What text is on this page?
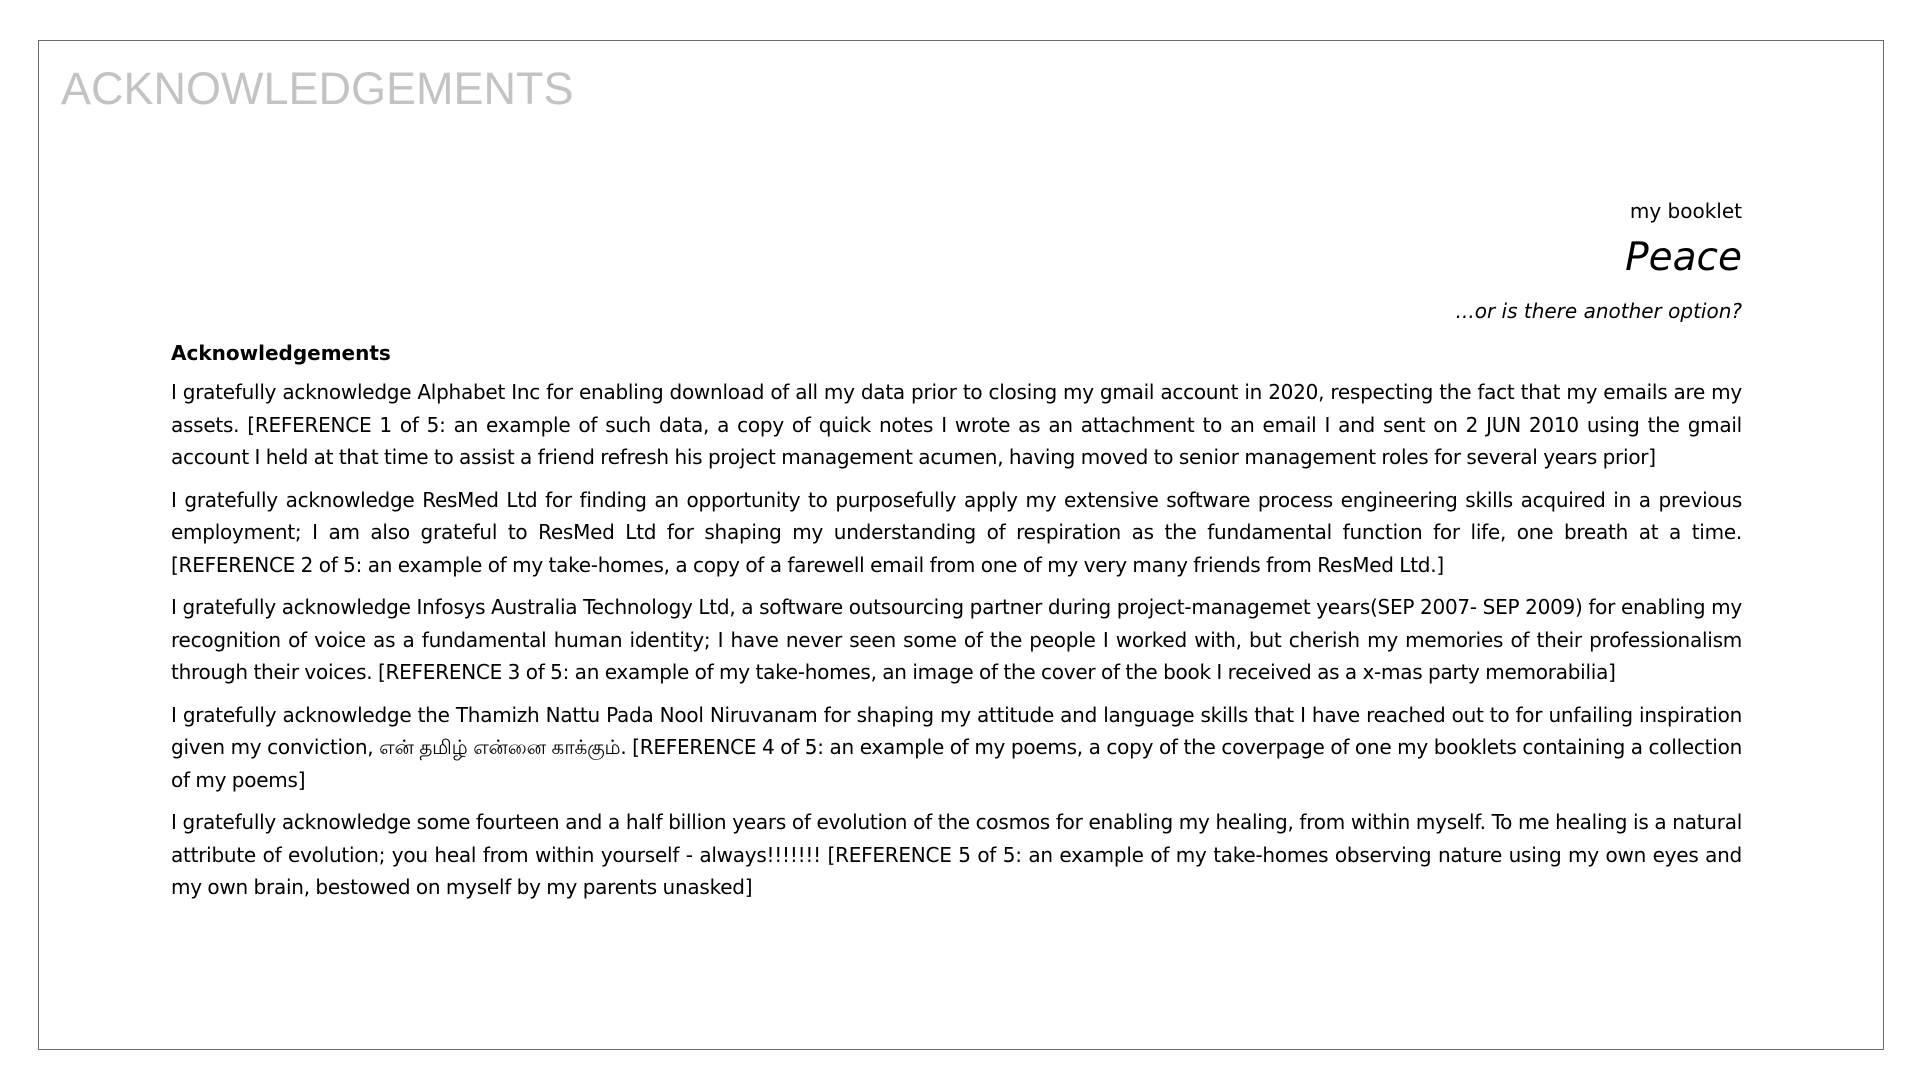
ACKNOWLEDGEMENTS

my booklet

Peace

...or is there another option?

Acknowledgements

I gratefully acknowledge Alphabet Inc for enabling download of all my data prior to closing my gmail account in 2020, respecting the fact that my emails are my assets. [REFERENCE 1 of 5: an example of such data, a copy of quick notes I wrote as an attachment to an email I and sent on 2 JUN 2010 using the gmail account I held at that time to assist a friend refresh his project management acumen, having moved to senior management roles for several years prior]

I gratefully acknowledge ResMed Ltd for finding an opportunity to purposefully apply my extensive software process engineering skills acquired in a previous employment; I am also grateful to ResMed Ltd for shaping my understanding of respiration as the fundamental function for life, one breath at a time. [REFERENCE 2 of 5: an example of my take-homes, a copy of a farewell email from one of my very many friends from ResMed Ltd.]

I gratefully acknowledge Infosys Australia Technology Ltd, a software outsourcing partner during project-managemet years(SEP 2007- SEP 2009) for enabling my recognition of voice as a fundamental human identity; I have never seen some of the people I worked with, but cherish my memories of their professionalism through their voices. [REFERENCE 3 of 5: an example of my take-homes, an image of the cover of the book I received as a x-mas party memorabilia]

I gratefully acknowledge the Thamizh Nattu Pada Nool Niruvanam for shaping my attitude and language skills that I have reached out to for unfailing inspiration given my conviction, என் தமிழ் என்னை காக்கும். [REFERENCE 4 of 5: an example of my poems, a copy of the coverpage of one my booklets containing a collection of my poems]

I gratefully acknowledge some fourteen and a half billion years of evolution of the cosmos for enabling my healing, from within myself. To me healing is a natural attribute of evolution; you heal from within yourself - always!!!!!!! [REFERENCE 5 of 5: an example of my take-homes observing nature using my own eyes and my own brain, bestowed on myself by my parents unasked]
